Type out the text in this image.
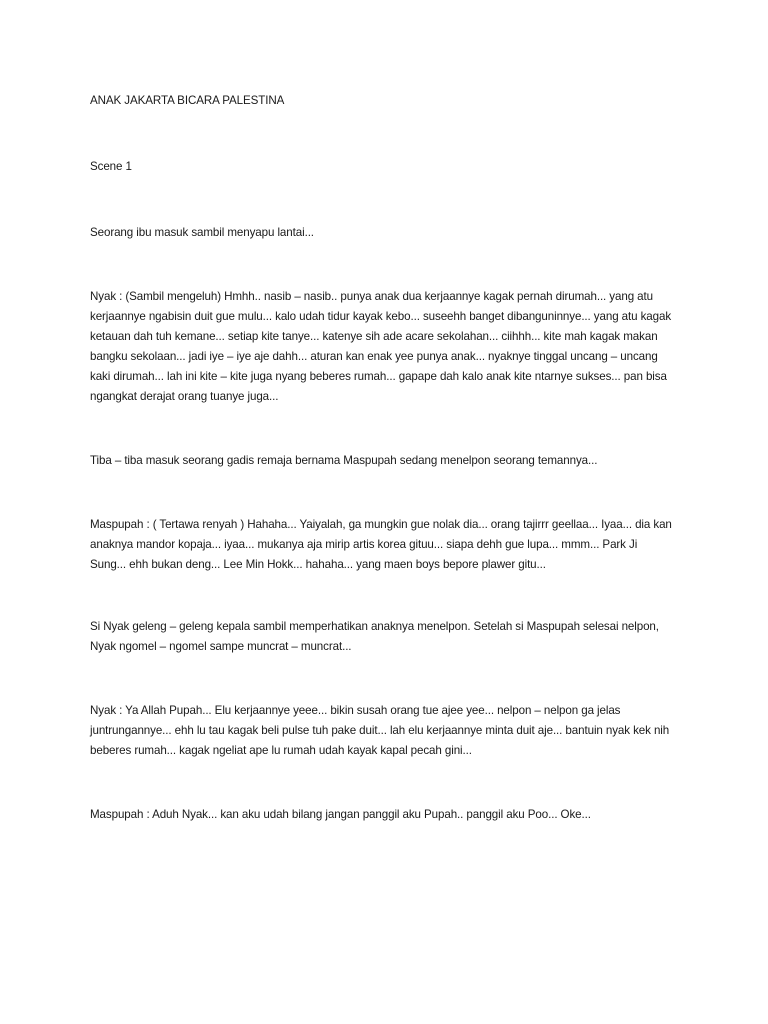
ANAK JAKARTA BICARA PALESTINA

Scene 1

Seorang ibu masuk sambil menyapu lantai...

Nyak : (Sambil mengeluh) Hmhh.. nasib – nasib.. punya anak dua kerjaannye kagak pernah dirumah... yang atu kerjaannye ngabisin duit gue mulu... kalo udah tidur kayak kebo... suseehh banget dibanguninnye... yang atu kagak ketauan dah tuh kemane... setiap kite tanye... katenye sih ade acare sekolahan... ciihhh... kite mah kagak makan bangku sekolaan... jadi iye – iye aje dahh... aturan kan enak yee punya anak... nyaknye tinggal uncang – uncang kaki dirumah... lah ini kite – kite juga nyang beberes rumah... gapape dah kalo anak kite ntarnye sukses... pan bisa ngangkat derajat orang tuanye juga...

Tiba – tiba masuk seorang gadis remaja bernama Maspupah sedang menelpon seorang temannya...

Maspupah : ( Tertawa renyah ) Hahaha... Yaiyalah, ga mungkin gue nolak dia... orang tajirrr geellaa... Iyaa... dia kan anaknya mandor kopaja... iyaa... mukanya aja mirip artis korea gituu... siapa dehh gue lupa... mmm... Park Ji Sung... ehh bukan deng... Lee Min Hokk... hahaha... yang maen boys bepore plawer gitu...

Si Nyak geleng – geleng kepala sambil memperhatikan anaknya menelpon. Setelah si Maspupah selesai nelpon, Nyak ngomel – ngomel sampe muncrat – muncrat...

Nyak : Ya Allah Pupah... Elu kerjaannye yeee... bikin susah orang tue ajee yee... nelpon – nelpon ga jelas juntrunganny​e... ehh lu tau kagak beli pulse tuh pake duit... lah elu kerjaannye minta duit aje... bantuin nyak kek nih beberes rumah... kagak ngeliat ape lu rumah udah kayak kapal pecah gini...

Maspupah : Aduh Nyak... kan aku udah bilang jangan panggil aku Pupah.. panggil aku Poo... Oke...
